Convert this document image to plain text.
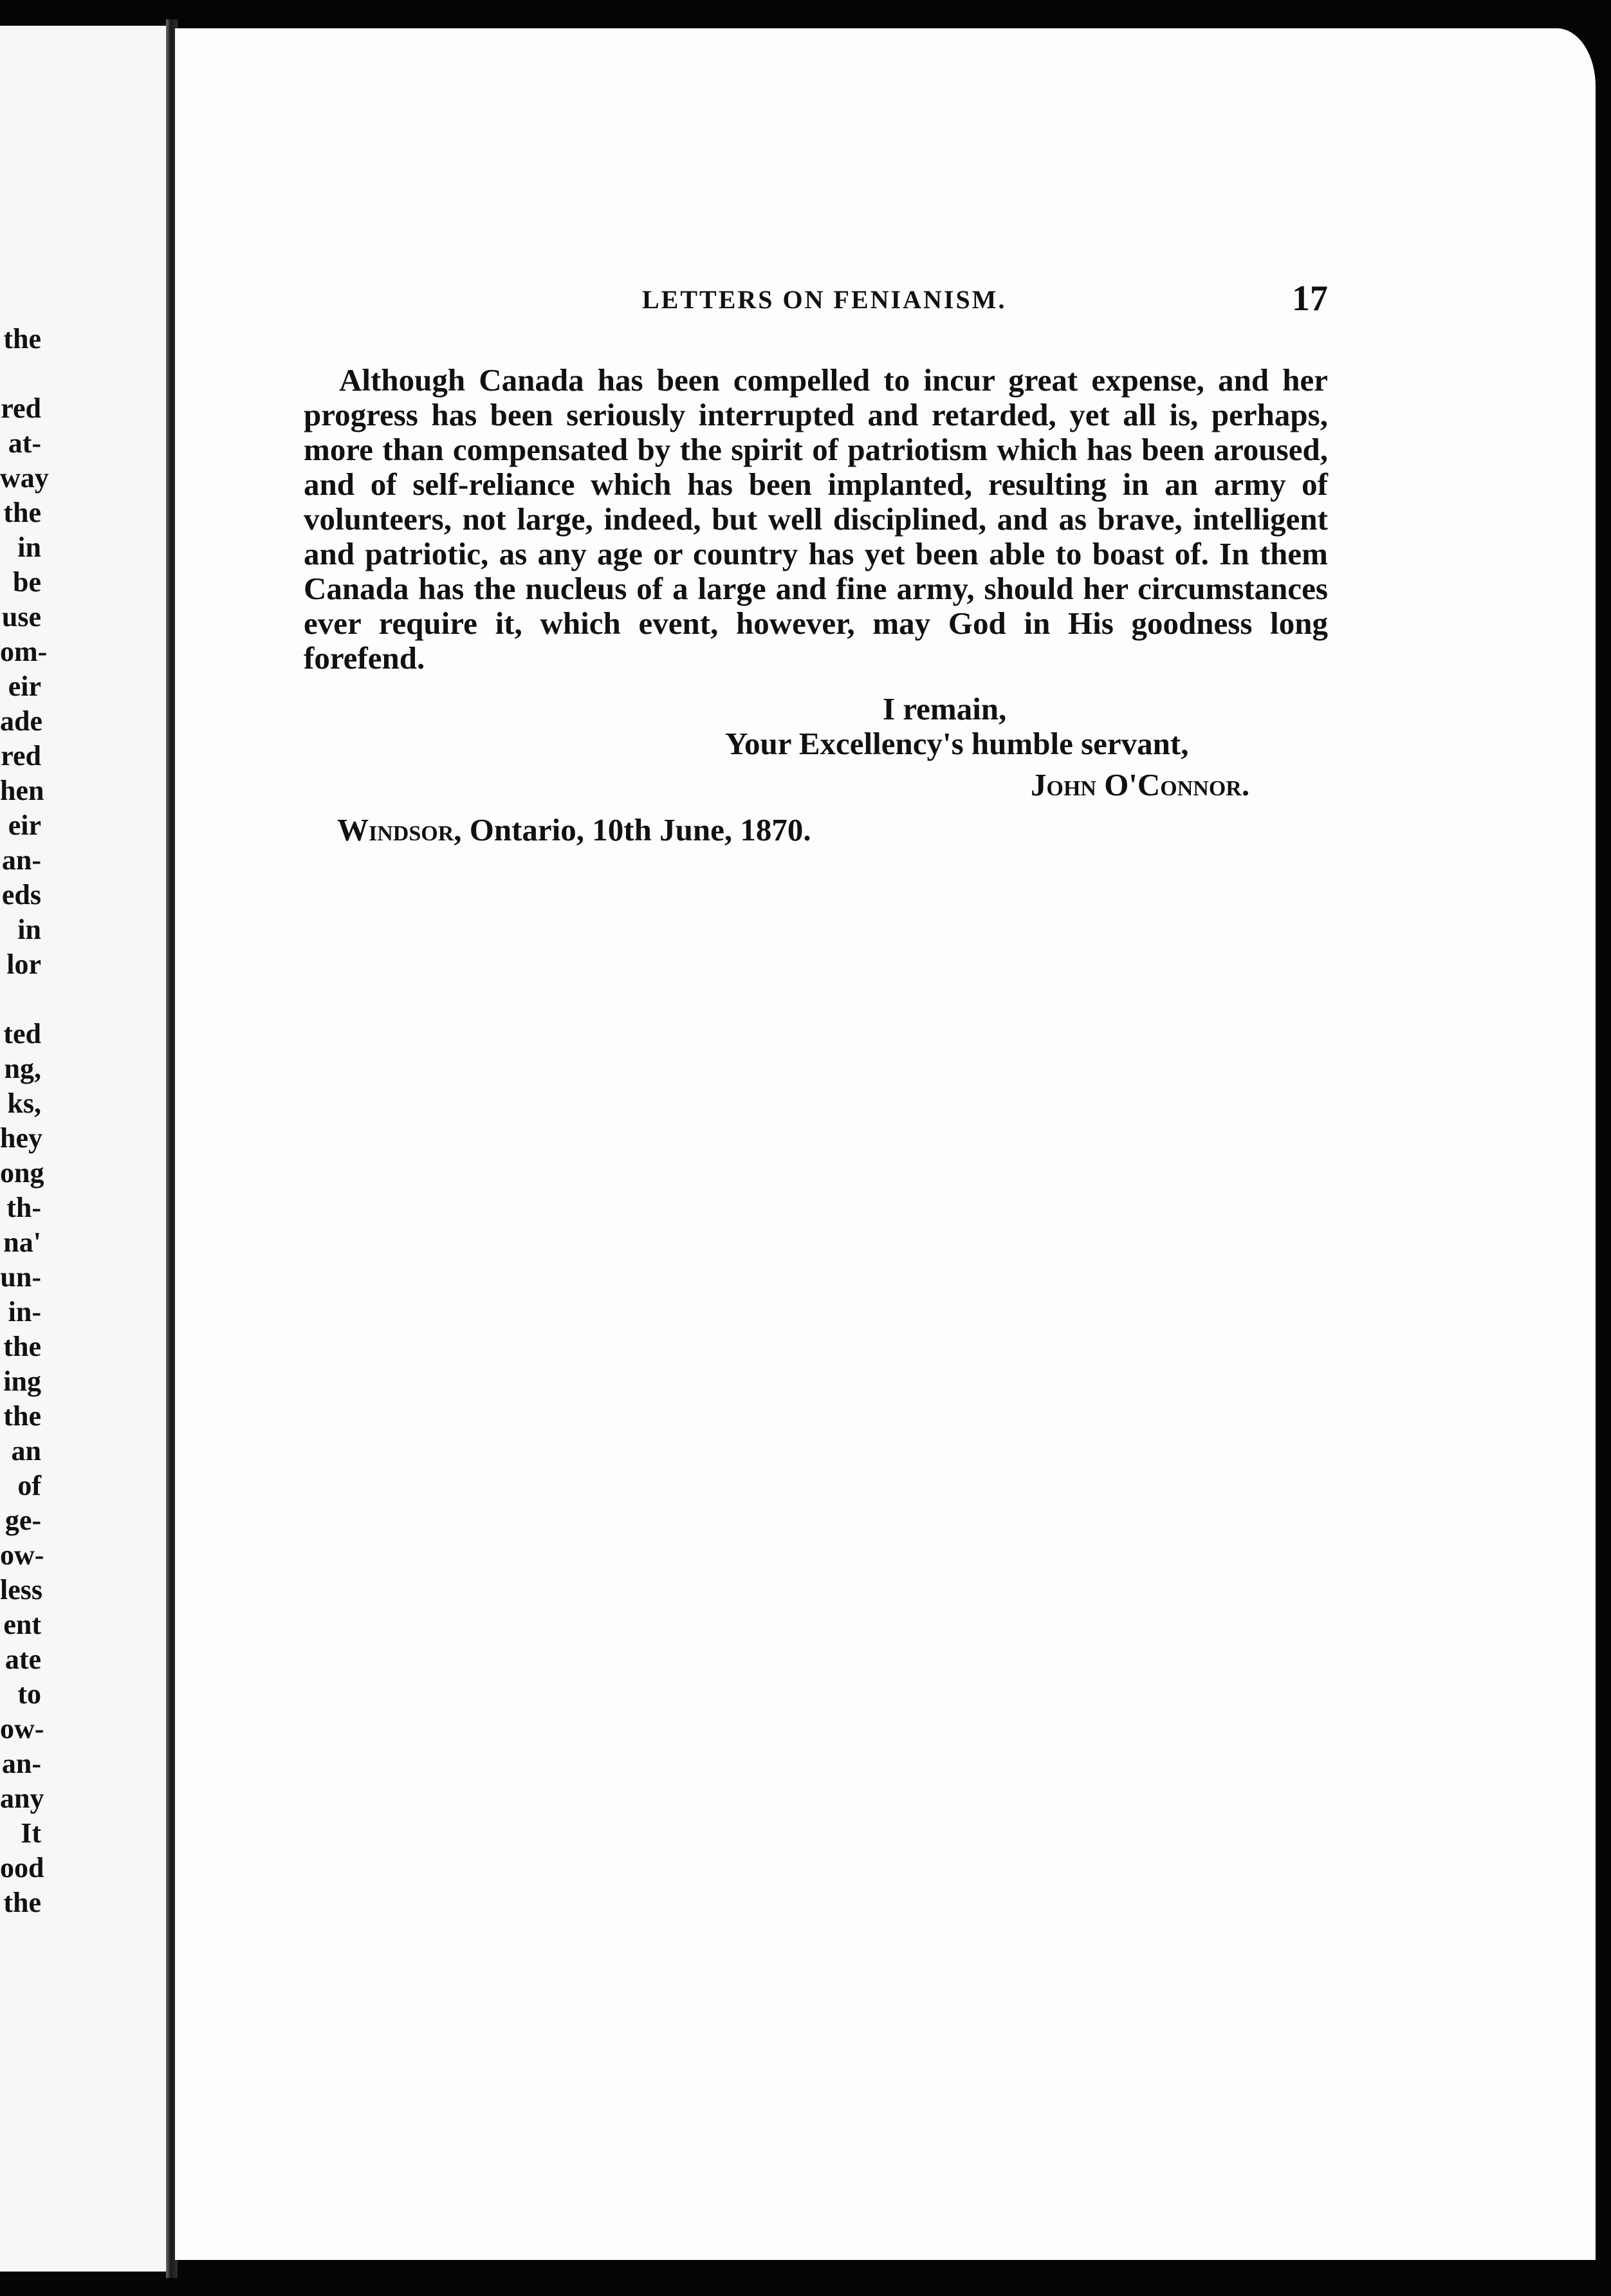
the
red
at-
way
the
in
be
use
om-
eir
ade
red
hen
eir
an-
eds
in
lor
ted
ng,
ks,
hey
ong
th-
na'
un-
in-
the
ing
the
an
of
ge-
ow-
less
ent
ate
to
ow-
an-
any
It
ood
the
LETTERS ON FENIANISM.	17

Although Canada has been compelled to incur great expense, and her progress has been seriously interrupted and retarded, yet all is, perhaps, more than compensated by the spirit of patriotism which has been aroused, and of self-reliance which has been implanted, resulting in an army of volunteers, not large, indeed, but well disciplined, and as brave, intelligent and patriotic, as any age or country has yet been able to boast of. In them Canada has the nucleus of a large and fine army, should her circumstances ever require it, which event, however, may God in His goodness long forefend.

I remain,
Your Excellency's humble servant,
John O'Connor.
Windsor, Ontario, 10th June, 1870.
